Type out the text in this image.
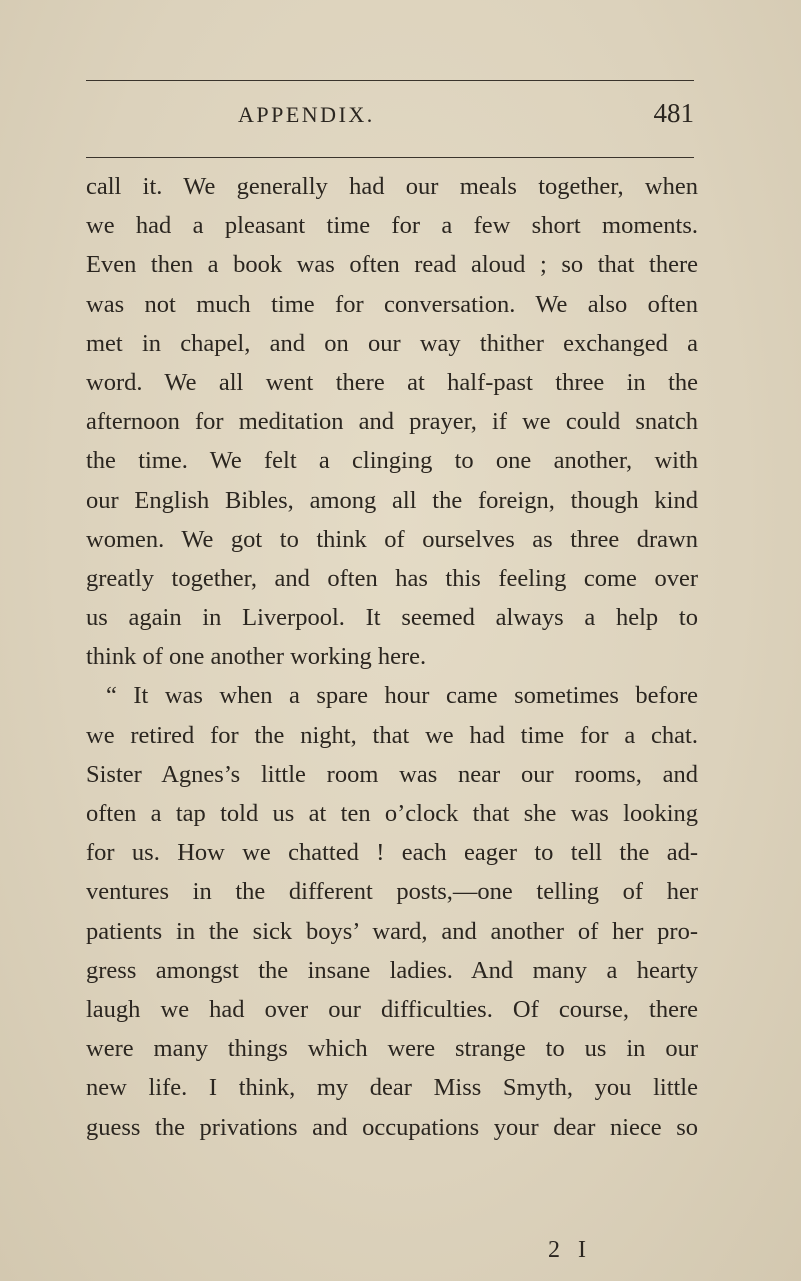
APPENDIX.	481
call it. We generally had our meals together, when
we had a pleasant time for a few short moments.
Even then a book was often read aloud ; so that there
was not much time for conversation. We also often
met in chapel, and on our way thither exchanged a
word. We all went there at half-past three in the
afternoon for meditation and prayer, if we could snatch
the time. We felt a clinging to one another, with
our English Bibles, among all the foreign, though kind
women. We got to think of ourselves as three drawn
greatly together, and often has this feeling come over
us again in Liverpool. It seemed always a help to
think of one another working here.
“ It was when a spare hour came sometimes before
we retired for the night, that we had time for a chat.
Sister Agnes’s little room was near our rooms, and
often a tap told us at ten o’clock that she was looking
for us. How we chatted ! each eager to tell the ad-
ventures in the different posts,—one telling of her
patients in the sick boys’ ward, and another of her pro-
gress amongst the insane ladies. And many a hearty
laugh we had over our difficulties. Of course, there
were many things which were strange to us in our
new life. I think, my dear Miss Smyth, you little
guess the privations and occupations your dear niece so
2 I
